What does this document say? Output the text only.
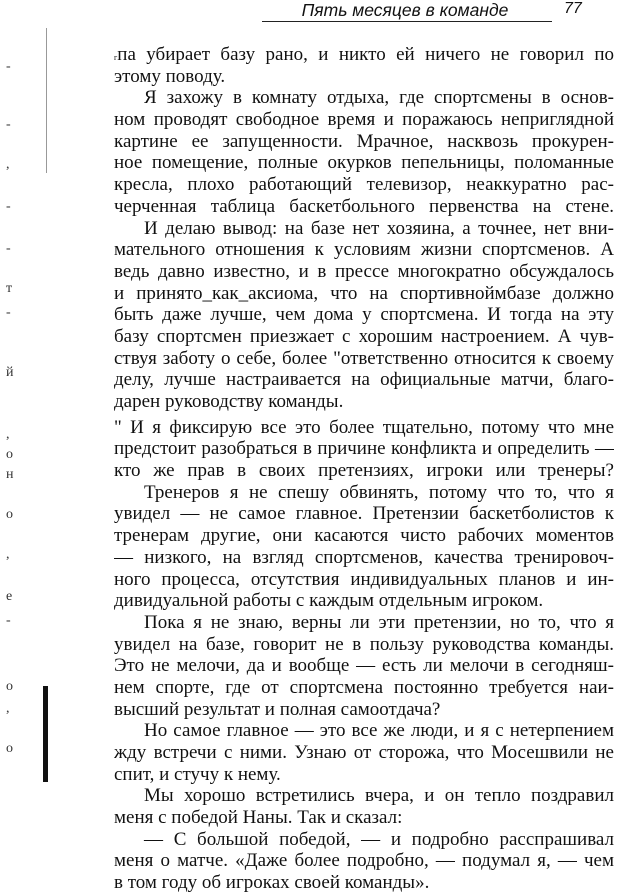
Пять месяцев в команде	77
-
-
,
-
-
т
-
й
,
о
н
о
,
е
-
о
,
о
гпа убирает базу рано, и никто ей ничего не говорил по
этому поводу.
Я захожу в комнату отдыха, где спортсмены в основ-
ном проводят свободное время и поражаюсь неприглядной
картине ее запущенности. Мрачное, насквозь прокурен-
ное помещение, полные окурков пепельницы, поломанные
кресла, плохо работающий телевизор, неаккуратно рас-
черченная таблица баскетбольного первенства на стене.
И делаю вывод: на базе нет хозяина, а точнее, нет вни-
мательного отношения к условиям жизни спортсменов. А
ведь давно известно, и в прессе многократно обсуждалось
и принято_как_аксиома, что на спортивноймбазе должно
быть даже лучше, чем дома у спортсмена. И тогда на эту
базу спортсмен приезжает с хорошим настроением. А чув-
ствуя заботу о себе, более "ответственно относится к своему
делу, лучше настраивается на официальные матчи, благо-
дарен руководству команды.
" И я фиксирую все это более тщательно, потому что мне
предстоит разобраться в причине конфликта и определить —
кто же прав в своих претензиях, игроки или тренеры?
Тренеров я не спешу обвинять, потому что то, что я
увидел — не самое главное. Претензии баскетболистов к
тренерам другие, они касаются чисто рабочих моментов
— низкого, на взгляд спортсменов, качества тренировоч-
ного процесса, отсутствия индивидуальных планов и ин-
дивидуальной работы с каждым отдельным игроком.
Пока я не знаю, верны ли эти претензии, но то, что я
увидел на базе, говорит не в пользу руководства команды.
Это не мелочи, да и вообще — есть ли мелочи в сегодняш-
нем спорте, где от спортсмена постоянно требуется наи-
высший результат и полная самоотдача?
Но самое главное — это все же люди, и я с нетерпением
жду встречи с ними. Узнаю от сторожа, что Мосешвили не
спит, и стучу к нему.
Мы хорошо встретились вчера, и он тепло поздравил
меня с победой Наны. Так и сказал:
— С большой победой, — и подробно расспрашивал
меня о матче. «Даже более подробно, — подумал я, — чем
в том году об игроках своей команды».
